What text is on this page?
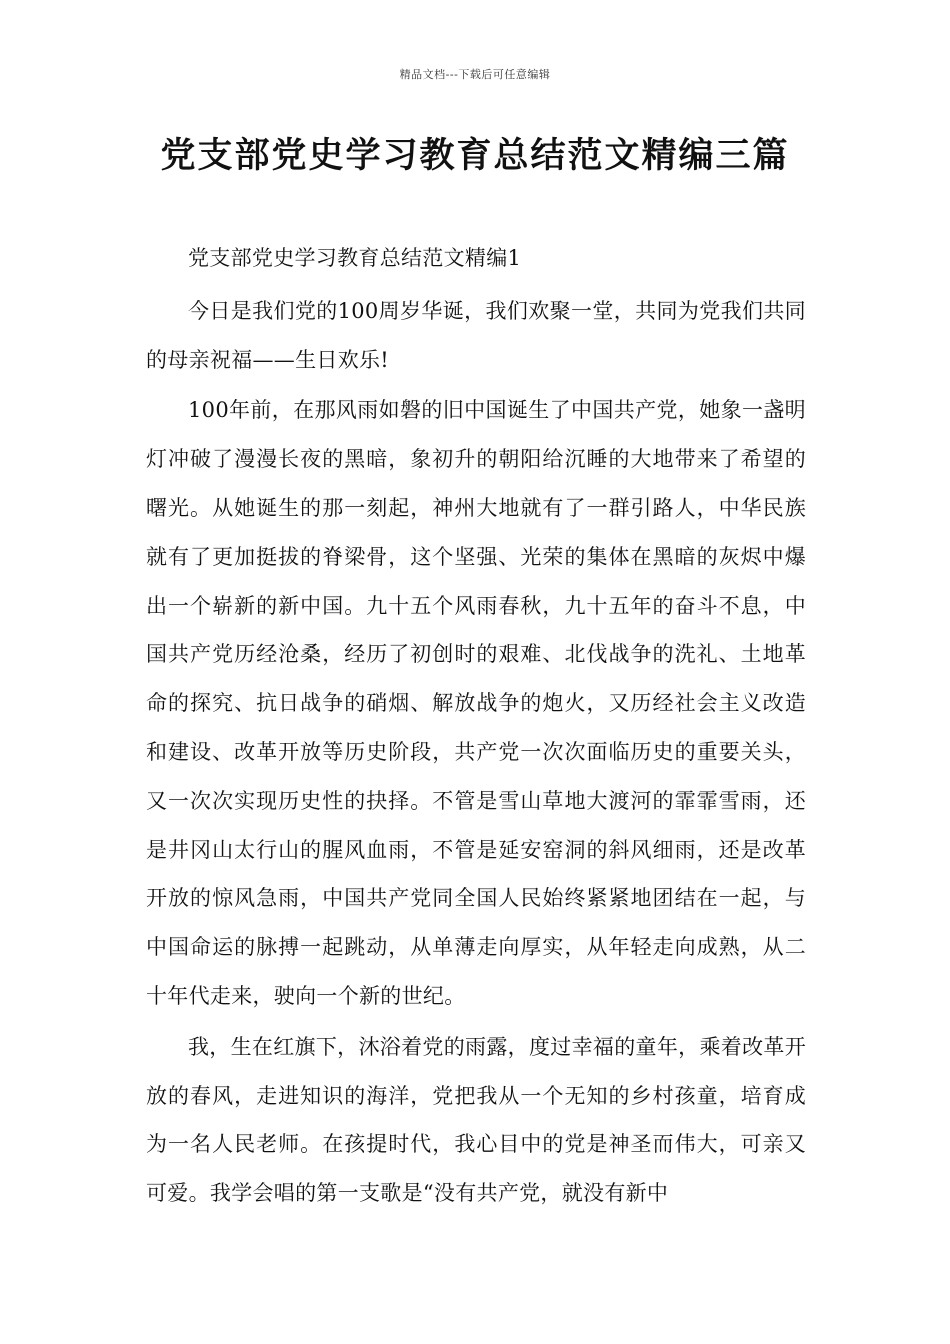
精品文档---下载后可任意编辑
党支部党史学习教育总结范文精编三篇

党支部党史学习教育总结范文精编1

今日是我们党的100周岁华诞，我们欢聚一堂，共同为党我们共同的母亲祝福——生日欢乐!

100年前，在那风雨如磐的旧中国诞生了中国共产党，她象一盏明灯冲破了漫漫长夜的黑暗，象初升的朝阳给沉睡的大地带来了希望的曙光。从她诞生的那一刻起，神州大地就有了一群引路人，中华民族就有了更加挺拔的脊梁骨，这个坚强、光荣的集体在黑暗的灰烬中爆出一个崭新的新中国。九十五个风雨春秋，九十五年的奋斗不息，中国共产党历经沧桑，经历了初创时的艰难、北伐战争的洗礼、土地革命的探究、抗日战争的硝烟、解放战争的炮火，又历经社会主义改造和建设、改革开放等历史阶段，共产党一次次面临历史的重要关头，又一次次实现历史性的抉择。不管是雪山草地大渡河的霏霏雪雨，还是井冈山太行山的腥风血雨，不管是延安窑洞的斜风细雨，还是改革开放的惊风急雨，中国共产党同全国人民始终紧紧地团结在一起，与中国命运的脉搏一起跳动，从单薄走向厚实，从年轻走向成熟，从二十年代走来，驶向一个新的世纪。

我，生在红旗下，沐浴着党的雨露，度过幸福的童年，乘着改革开放的春风，走进知识的海洋，党把我从一个无知的乡村孩童，培育成为一名人民老师。在孩提时代，我心目中的党是神圣而伟大，可亲又可爱。我学会唱的第一支歌是“没有共产党，就没有新中
